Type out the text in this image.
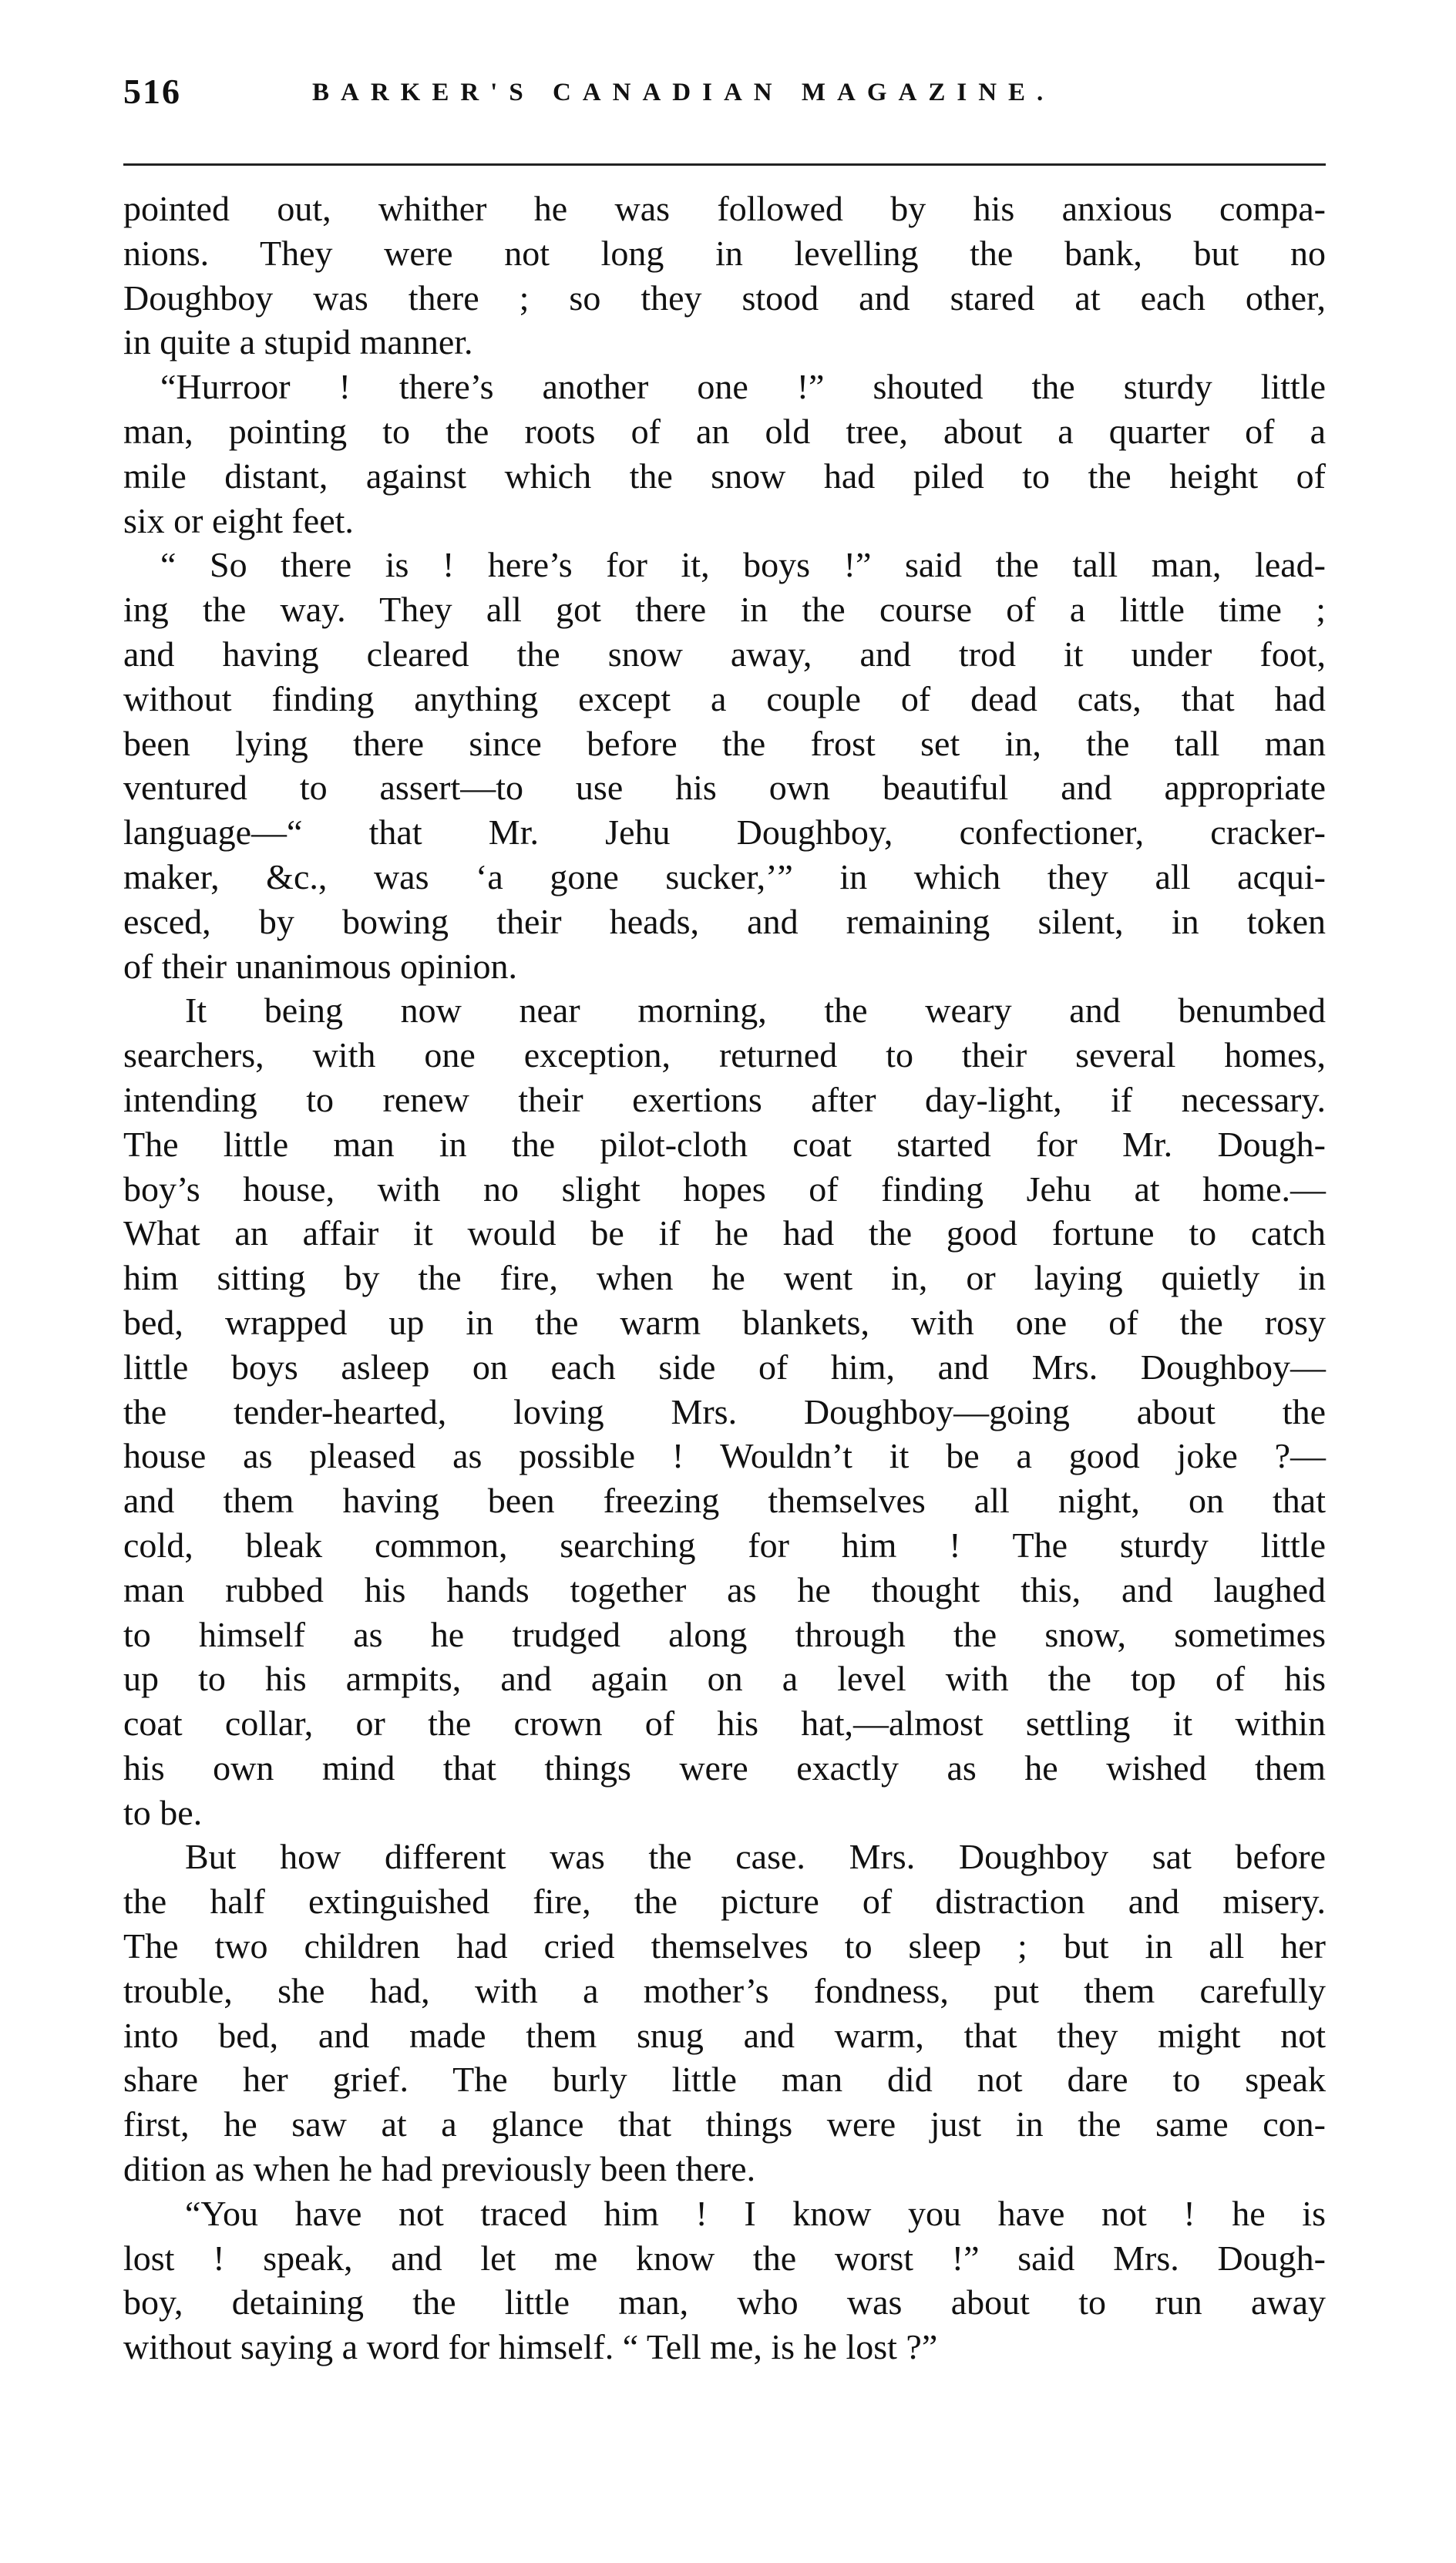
516	BARKER'S CANADIAN MAGAZINE.
pointed out, whither he was followed by his anxious compa-
nions. They were not long in levelling the bank, but no
Doughboy was there ; so they stood and stared at each other,
in quite a stupid manner.
“Hurroor ! there’s another one !” shouted the sturdy little
man, pointing to the roots of an old tree, about a quarter of a
mile distant, against which the snow had piled to the height of
six or eight feet.
“ So there is ! here’s for it, boys !” said the tall man, lead-
ing the way. They all got there in the course of a little time ;
and having cleared the snow away, and trod it under foot,
without finding anything except a couple of dead cats, that had
been lying there since before the frost set in, the tall man
ventured to assert—to use his own beautiful and appropriate
language—“ that Mr. Jehu Doughboy, confectioner, cracker-
maker, &c., was ‘a gone sucker,’” in which they all acqui-
esced, by bowing their heads, and remaining silent, in token
of their unanimous opinion.
It being now near morning, the weary and benumbed
searchers, with one exception, returned to their several homes,
intending to renew their exertions after day-light, if necessary.
The little man in the pilot-cloth coat started for Mr. Dough-
boy’s house, with no slight hopes of finding Jehu at home.—
What an affair it would be if he had the good fortune to catch
him sitting by the fire, when he went in, or laying quietly in
bed, wrapped up in the warm blankets, with one of the rosy
little boys asleep on each side of him, and Mrs. Doughboy—
the tender-hearted, loving Mrs. Doughboy—going about the
house as pleased as possible ! Wouldn’t it be a good joke ?—
and them having been freezing themselves all night, on that
cold, bleak common, searching for him ! The sturdy little
man rubbed his hands together as he thought this, and laughed
to himself as he trudged along through the snow, sometimes
up to his armpits, and again on a level with the top of his
coat collar, or the crown of his hat,—almost settling it within
his own mind that things were exactly as he wished them
to be.
But how different was the case. Mrs. Doughboy sat before
the half extinguished fire, the picture of distraction and misery.
The two children had cried themselves to sleep ; but in all her
trouble, she had, with a mother’s fondness, put them carefully
into bed, and made them snug and warm, that they might not
share her grief. The burly little man did not dare to speak
first, he saw at a glance that things were just in the same con-
dition as when he had previously been there.
“You have not traced him ! I know you have not ! he is
lost ! speak, and let me know the worst !” said Mrs. Dough-
boy, detaining the little man, who was about to run away
without saying a word for himself. “ Tell me, is he lost ?”
